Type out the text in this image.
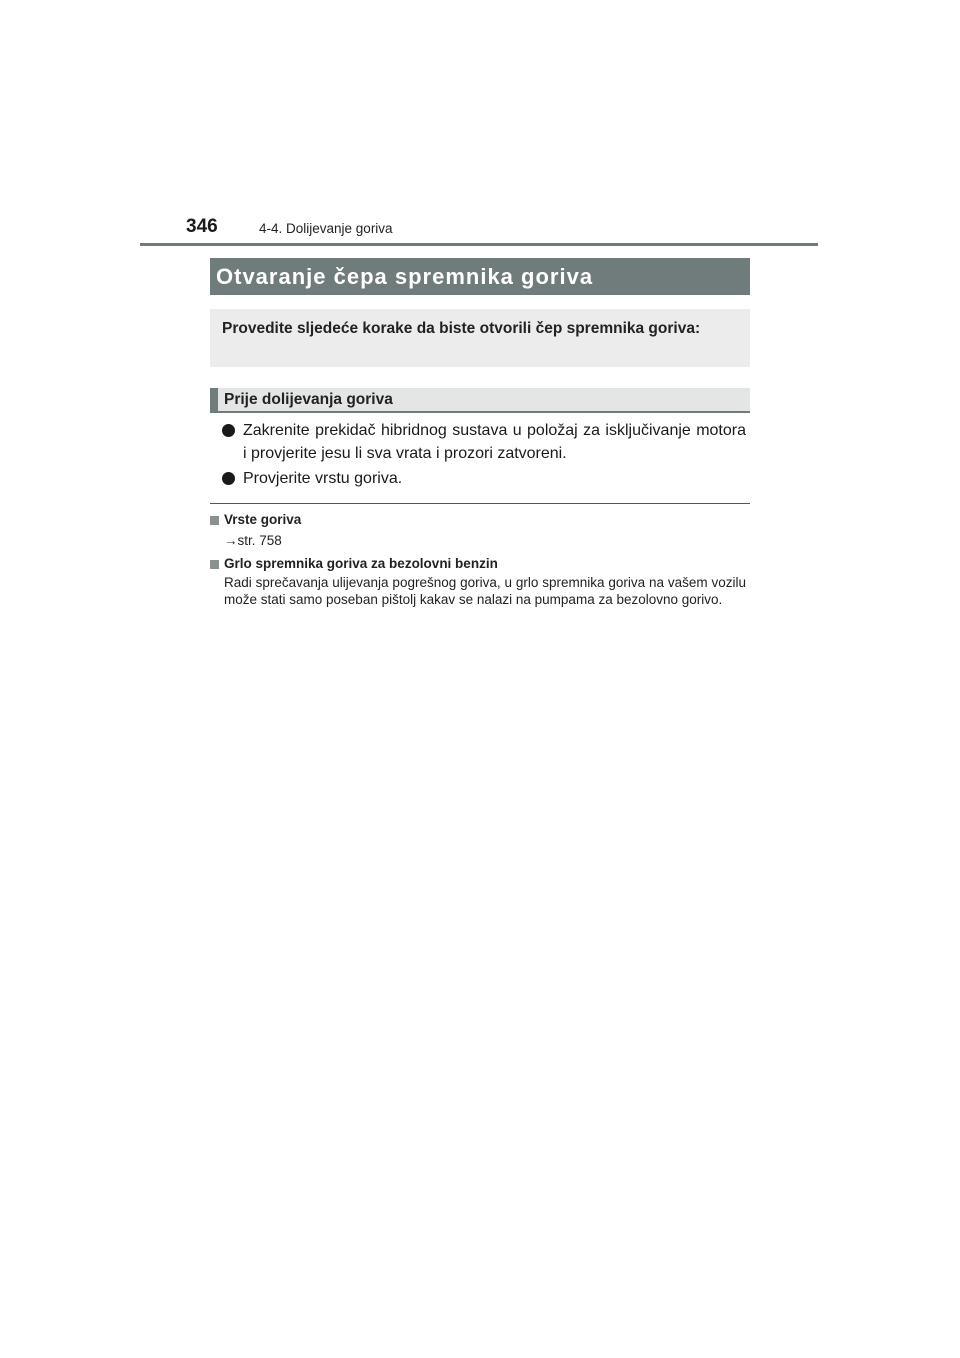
346	4-4. Dolijevanje goriva
Otvaranje čepa spremnika goriva
Provedite sljedeće korake da biste otvorili čep spremnika goriva:
Prije dolijevanja goriva
Zakrenite prekidač hibridnog sustava u položaj za isključivanje motora i provjerite jesu li sva vrata i prozori zatvoreni.
Provjerite vrstu goriva.
Vrste goriva
→str. 758
Grlo spremnika goriva za bezolovni benzin
Radi sprečavanja ulijevanja pogrešnog goriva, u grlo spremnika goriva na vašem vozilu može stati samo poseban pištolj kakav se nalazi na pumpama za bezolovno gorivo.
